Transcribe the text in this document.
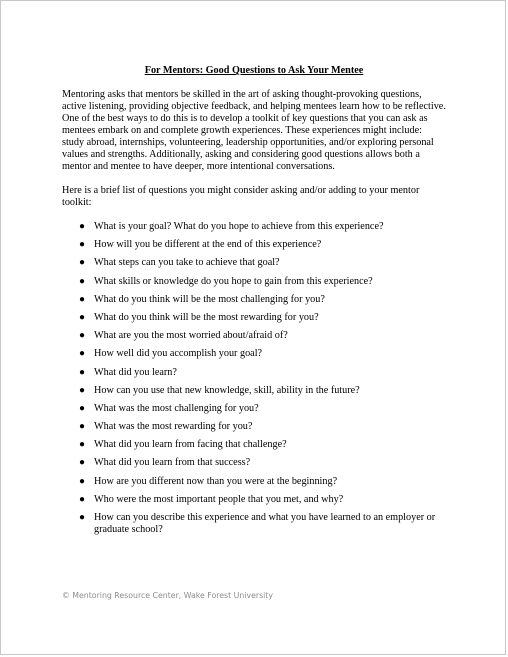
For Mentors: Good Questions to Ask Your Mentee

Mentoring asks that mentors be skilled in the art of asking thought-provoking questions, active listening, providing objective feedback, and helping mentees learn how to be reflective. One of the best ways to do this is to develop a toolkit of key questions that you can ask as mentees embark on and complete growth experiences. These experiences might include: study abroad, internships, volunteering, leadership opportunities, and/or exploring personal values and strengths. Additionally, asking and considering good questions allows both a mentor and mentee to have deeper, more intentional conversations.

Here is a brief list of questions you might consider asking and/or adding to your mentor toolkit:

● What is your goal? What do you hope to achieve from this experience?
● How will you be different at the end of this experience?
● What steps can you take to achieve that goal?
● What skills or knowledge do you hope to gain from this experience?
● What do you think will be the most challenging for you?
● What do you think will be the most rewarding for you?
● What are you the most worried about/afraid of?
● How well did you accomplish your goal?
● What did you learn?
● How can you use that new knowledge, skill, ability in the future?
● What was the most challenging for you?
● What was the most rewarding for you?
● What did you learn from facing that challenge?
● What did you learn from that success?
● How are you different now than you were at the beginning?
● Who were the most important people that you met, and why?
● How can you describe this experience and what you have learned to an employer or graduate school?
© Mentoring Resource Center, Wake Forest University
